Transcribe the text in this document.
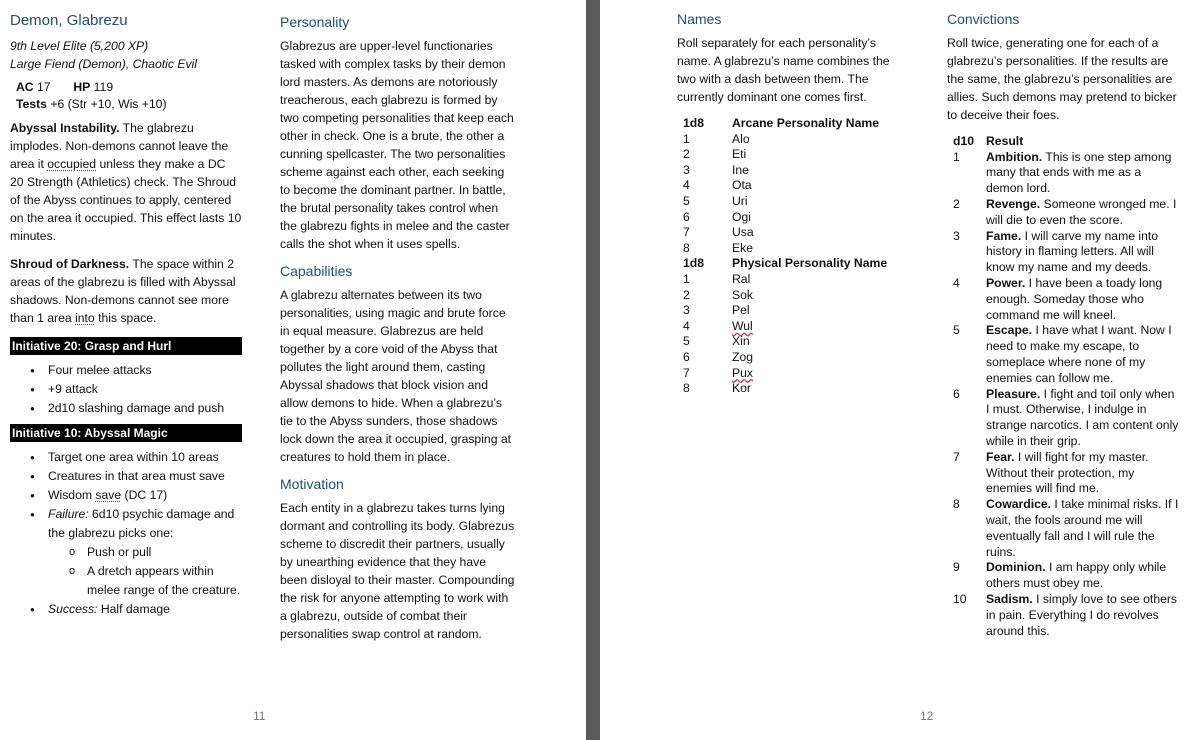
Demon, Glabrezu

9th Level Elite (5,200 XP)

Large Fiend (Demon), Chaotic Evil

AC 17 HP 119
Tests +6 (Str +10, Wis +10)

Abyssal Instability. The glabrezu implodes. Non-demons cannot leave the area it occupied unless they make a DC 20 Strength (Athletics) check. The Shroud of the Abyss continues to apply, centered on the area it occupied. This effect lasts 10 minutes.

Shroud of Darkness. The space within 2 areas of the glabrezu is filled with Abyssal shadows. Non-demons cannot see more than 1 area into this space.

Initiative 20: Grasp and Hurl
● Four melee attacks
● +9 attack
● 2d10 slashing damage and push
Initiative 10: Abyssal Magic
● Target one area within 10 areas
● Creatures in that area must save
● Wisdom save (DC 17)
● Failure: 6d10 psychic damage and the glabrezu picks one:
o Push or pull
o A dretch appears within melee range of the creature.
● Success: Half damage
Personality

Glabrezus are upper-level functionaries tasked with complex tasks by their demon lord masters. As demons are notoriously treacherous, each glabrezu is formed by two competing personalities that keep each other in check. One is a brute, the other a cunning spellcaster. The two personalities scheme against each other, each seeking to become the dominant partner. In battle, the brutal personality takes control when the glabrezu fights in melee and the caster calls the shot when it uses spells.

Capabilities

A glabrezu alternates between its two personalities, using magic and brute force in equal measure. Glabrezus are held together by a core void of the Abyss that pollutes the light around them, casting Abyssal shadows that block vision and allow demons to hide. When a glabrezu’s tie to the Abyss sunders, those shadows lock down the area it occupied, grasping at creatures to hold them in place.

Motivation

Each entity in a glabrezu takes turns lying dormant and controlling its body. Glabrezus scheme to discredit their partners, usually by unearthing evidence that they have been disloyal to their master. Compounding the risk for anyone attempting to work with a glabrezu, outside of combat their personalities swap control at random.

11
Names

Roll separately for each personality’s name. A glabrezu’s name combines the two with a dash between them. The currently dominant one comes first.

1d8	Arcane Personality Name
1	Alo
2	Eti
3	Ine
4	Ota
5	Uri
6	Ogi
7	Usa
8	Eke
1d8	Physical Personality Name
1	Ral
2	Sok
3	Pel
4	Wul
5	Xin
6	Zog
7	Pux
8	Kor
Convictions

Roll twice, generating one for each of a glabrezu’s personalities. If the results are the same, the glabrezu’s personalities are allies. Such demons may pretend to bicker to deceive their foes.

d10	Result
1	Ambition. This is one step among many that ends with me as a demon lord.
2	Revenge. Someone wronged me. I will die to even the score.
3	Fame. I will carve my name into history in flaming letters. All will know my name and my deeds.
4	Power. I have been a toady long enough. Someday those who command me will kneel.
5	Escape. I have what I want. Now I need to make my escape, to someplace where none of my enemies can follow me.
6	Pleasure. I fight and toil only when I must. Otherwise, I indulge in strange narcotics. I am content only while in their grip.
7	Fear. I will fight for my master. Without their protection, my enemies will find me.
8	Cowardice. I take minimal risks. If I wait, the fools around me will eventually fall and I will rule the ruins.
9	Dominion. I am happy only while others must obey me.
10	Sadism. I simply love to see others in pain. Everything I do revolves around this.
12
